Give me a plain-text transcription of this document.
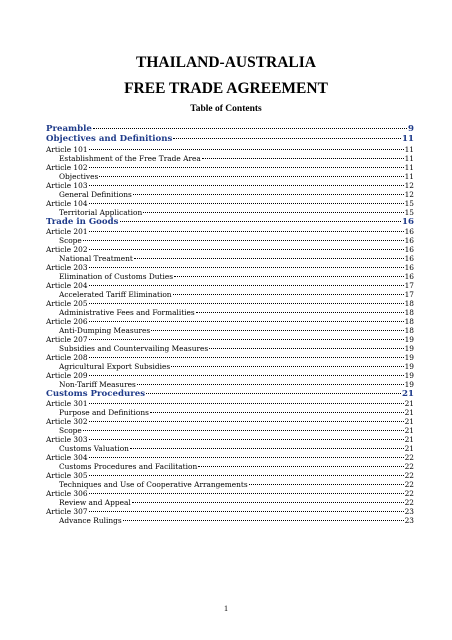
THAILAND-AUSTRALIA
FREE TRADE AGREEMENT
Table of Contents
Preamble	9
Objectives and Definitions	11
Article 101	11
Establishment of the Free Trade Area	11
Article 102	11
Objectives	11
Article 103	12
General Definitions	12
Article 104	15
Territorial Application	15
Trade in Goods	16
Article 201	16
Scope	16
Article 202	16
National Treatment	16
Article 203	16
Elimination of Customs Duties	16
Article 204	17
Accelerated Tariff Elimination	17
Article 205	18
Administrative Fees and Formalities	18
Article 206	18
Anti-Dumping Measures	18
Article 207	19
Subsidies and Countervailing Measures	19
Article 208	19
Agricultural Export Subsidies	19
Article 209	19
Non-Tariff Measures	19
Customs Procedures	21
Article 301	21
Purpose and Definitions	21
Article 302	21
Scope	21
Article 303	21
Customs Valuation	21
Article 304	22
Customs Procedures and Facilitation	22
Article 305	22
Techniques and Use of Cooperative Arrangements	22
Article 306	22
Review and Appeal	22
Article 307	23
Advance Rulings	23
1
